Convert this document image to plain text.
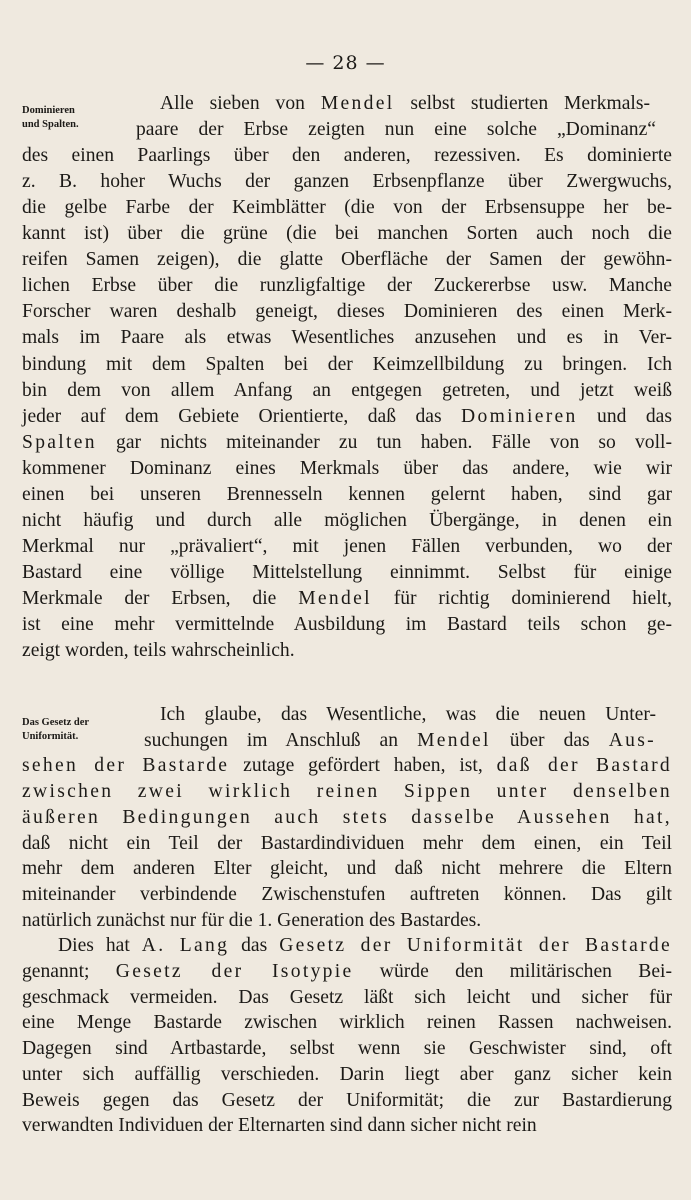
— 28 —
Dominieren
und Spalten.
Alle sieben von Mendel selbst studierten Merkmals-
paare der Erbse zeigten nun eine solche „Dominanz“
des einen Paarlings über den anderen, rezessiven. Es dominierte
z. B. hoher Wuchs der ganzen Erbsenpflanze über Zwergwuchs,
die gelbe Farbe der Keimblätter (die von der Erbsensuppe her be-
kannt ist) über die grüne (die bei manchen Sorten auch noch die
reifen Samen zeigen), die glatte Oberfläche der Samen der gewöhn-
lichen Erbse über die runzligfaltige der Zuckererbse usw. Manche
Forscher waren deshalb geneigt, dieses Dominieren des einen Merk-
mals im Paare als etwas Wesentliches anzusehen und es in Ver-
bindung mit dem Spalten bei der Keimzellbildung zu bringen. Ich
bin dem von allem Anfang an entgegen getreten, und jetzt weiß
jeder auf dem Gebiete Orientierte, daß das Dominieren und das
Spalten gar nichts miteinander zu tun haben. Fälle von so voll-
kommener Dominanz eines Merkmals über das andere, wie wir
einen bei unseren Brennesseln kennen gelernt haben, sind gar
nicht häufig und durch alle möglichen Übergänge, in denen ein
Merkmal nur „prävaliert“, mit jenen Fällen verbunden, wo der
Bastard eine völlige Mittelstellung einnimmt. Selbst für einige
Merkmale der Erbsen, die Mendel für richtig dominierend hielt,
ist eine mehr vermittelnde Ausbildung im Bastard teils schon ge-
zeigt worden, teils wahrscheinlich.
Das Gesetz der
Uniformität.
Ich glaube, das Wesentliche, was die neuen Unter-
suchungen im Anschluß an Mendel über das Aus-
sehen der Bastarde zutage gefördert haben, ist, daß der Bastard
zwischen zwei wirklich reinen Sippen unter denselben
äußeren Bedingungen auch stets dasselbe Aussehen hat,
daß nicht ein Teil der Bastardindividuen mehr dem einen, ein Teil
mehr dem anderen Elter gleicht, und daß nicht mehrere die Eltern
miteinander verbindende Zwischenstufen auftreten können. Das gilt
natürlich zunächst nur für die 1. Generation des Bastardes.
Dies hat A. Lang das Gesetz der Uniformität der Bastarde
genannt; Gesetz der Isotypie würde den militärischen Bei-
geschmack vermeiden. Das Gesetz läßt sich leicht und sicher für
eine Menge Bastarde zwischen wirklich reinen Rassen nachweisen.
Dagegen sind Artbastarde, selbst wenn sie Geschwister sind, oft
unter sich auffällig verschieden. Darin liegt aber ganz sicher kein
Beweis gegen das Gesetz der Uniformität; die zur Bastardierung
verwandten Individuen der Elternarten sind dann sicher nicht rein
